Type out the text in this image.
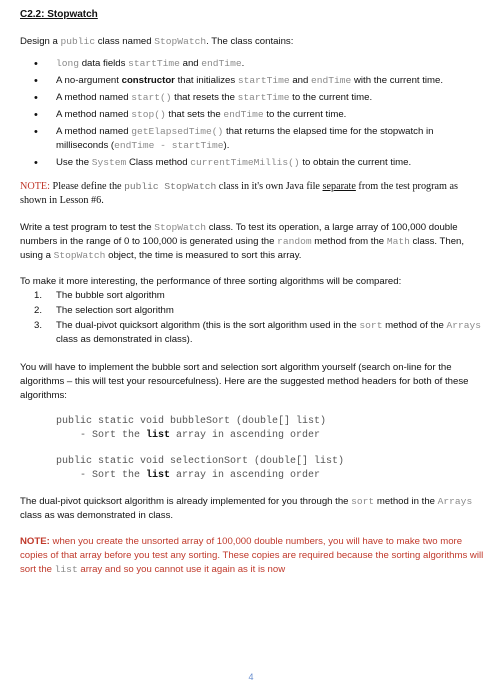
C2.2: Stopwatch

Design a public class named StopWatch. The class contains:

• long data fields startTime and endTime.
• A no-argument constructor that initializes startTime and endTime with the current time.
• A method named start() that resets the startTime to the current time.
• A method named stop() that sets the endTime to the current time.
• A method named getElapsedTime() that returns the elapsed time for the stopwatch in milliseconds (endTime - startTime).
• Use the System Class method currentTimeMillis() to obtain the current time.

NOTE: Please define the public StopWatch class in it's own Java file separate from the test program as shown in Lesson #6.

Write a test program to test the StopWatch class. To test its operation, a large array of 100,000 double numbers in the range of 0 to 100,000 is generated using the random method from the Math class. Then, using a StopWatch object, the time is measured to sort this array.

To make it more interesting, the performance of three sorting algorithms will be compared:

1. The bubble sort algorithm
2. The selection sort algorithm
3. The dual-pivot quicksort algorithm (this is the sort algorithm used in the sort method of the Arrays class as demonstrated in class).

You will have to implement the bubble sort and selection sort algorithm yourself (search on-line for the algorithms – this will test your resourcefulness). Here are the suggested method headers for both of these algorithms:

public static void bubbleSort (double[] list)
- Sort the list array in ascending order
public static void selectionSort (double[] list)
- Sort the list array in ascending order

The dual-pivot quicksort algorithm is already implemented for you through the sort method in the Arrays class as was demonstrated in class.

NOTE: when you create the unsorted array of 100,000 double numbers, you will have to make two more copies of that array before you test any sorting. These copies are required because the sorting algorithms will sort the list array and so you cannot use it again as it is now

4
